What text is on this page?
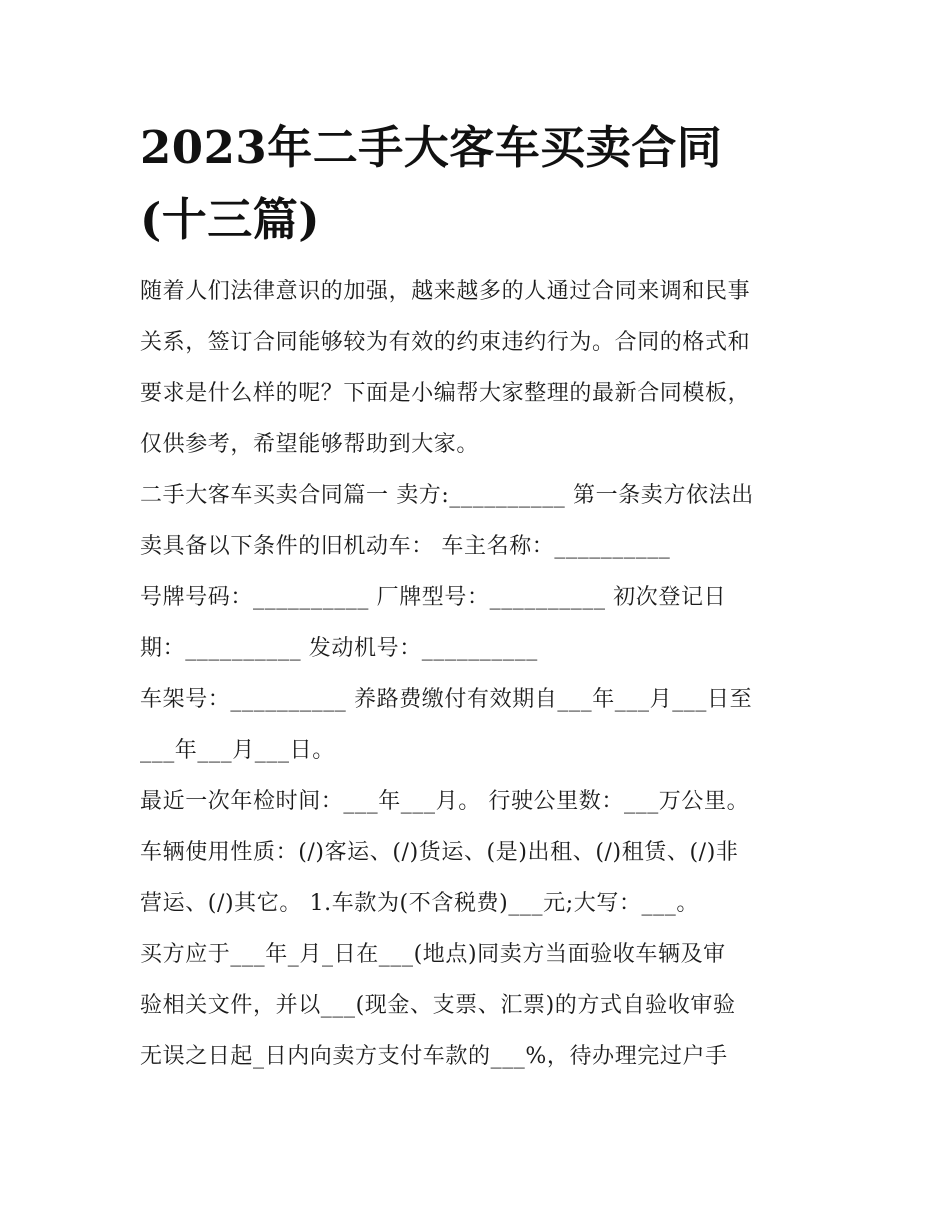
2023年二手大客车买卖合同
(十三篇)

随着人们法律意识的加强，越来越多的人通过合同来调和民事
关系，签订合同能够较为有效的约束违约行为。合同的格式和
要求是什么样的呢？下面是小编帮大家整理的最新合同模板，
仅供参考，希望能够帮助到大家。

二手大客车买卖合同篇一 卖方:__________ 第一条卖方依法出
卖具备以下条件的旧机动车： 车主名称：__________
号牌号码：__________ 厂牌型号：__________ 初次登记日
期：__________ 发动机号：__________

车架号：__________ 养路费缴付有效期自___年___月___日至
___年___月___日。

最近一次年检时间：___年___月。 行驶公里数：___万公里。
车辆使用性质：(/)客运、(/)货运、(是)出租、(/)租赁、(/)非
营运、(/)其它。 1.车款为(不含税费)___元;大写：___。

买方应于___年_月_日在___(地点)同卖方当面验收车辆及审
验相关文件，并以___(现金、支票、汇票)的方式自验收审验
无误之日起_日内向卖方支付车款的___%，待办理完过户手
